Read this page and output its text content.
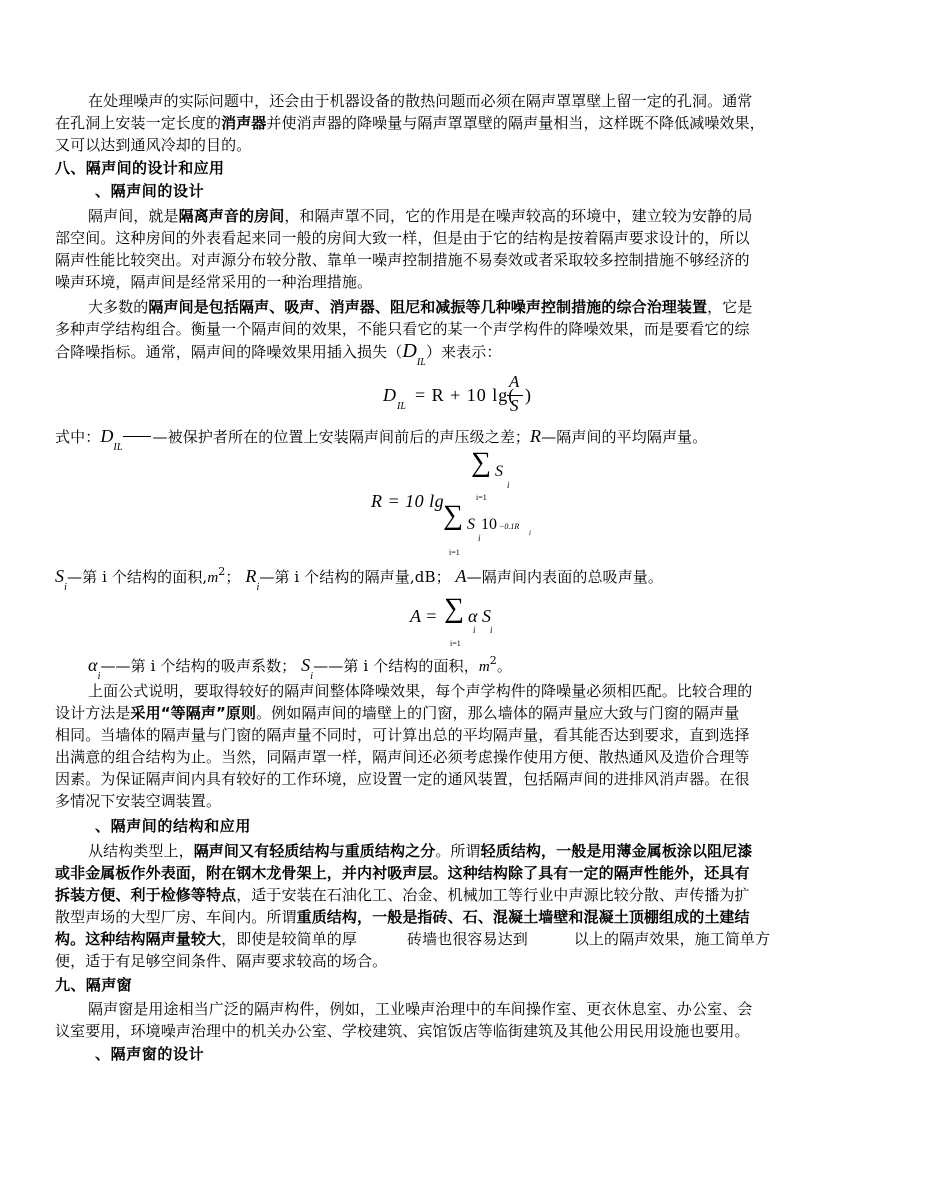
在处理噪声的实际问题中，还会由于机器设备的散热问题而必须在隔声罩罩壁上留一定的孔洞。通常
在孔洞上安装一定长度的消声器并使消声器的降噪量与隔声罩罩壁的隔声量相当，这样既不降低减噪效果，
又可以达到通风冷却的目的。
八、隔声间的设计和应用
、隔声间的设计
隔声间，就是隔离声音的房间，和隔声罩不同，它的作用是在噪声较高的环境中，建立较为安静的局
部空间。这种房间的外表看起来同一般的房间大致一样，但是由于它的结构是按着隔声要求设计的，所以
隔声性能比较突出。对声源分布较分散、靠单一噪声控制措施不易奏效或者采取较多控制措施不够经济的
噪声环境，隔声间是经常采用的一种治理措施。
大多数的隔声间是包括隔声、吸声、消声器、阻尼和减振等几种噪声控制措施的综合治理装置，它是
多种声学结构组合。衡量一个隔声间的效果，不能只看它的某一个声学构件的降噪效果，而是要看它的综
合降噪指标。通常，隔声间的降噪效果用插入损失$(D_{IL})$来表示：
D
IL
= R + 10 lg(
A
S
)
式中：$D_{IL}—$被保护者所在的位置上安装隔声间前后的声压级之差；R—隔声间的平均隔声量。
∑ S
i
i=1
R = 10 lg
∑ S
i
10 −0.1R
i
i=1
$S_i—$第 i 个结构的面积$,m^2$； $R_i—$第 i 个结构的隔声量,dB； A—隔声间内表面的总吸声量。
A = ∑ α
i
S
i
i=1
$\alpha_i——$第 i 个结构的吸声系数； $S_i——$第 i 个结构的面积，$m^2$。
上面公式说明，要取得较好的隔声间整体降噪效果，每个声学构件的降噪量必须相匹配。比较合理的
设计方法是采用“等隔声”原则。例如隔声间的墙壁上的门窗，那么墙体的隔声量应大致与门窗的隔声量
相同。当墙体的隔声量与门窗的隔声量不同时，可计算出总的平均隔声量，看其能否达到要求，直到选择
出满意的组合结构为止。当然，同隔声罩一样，隔声间还必须考虑操作使用方便、散热通风及造价合理等
因素。为保证隔声间内具有较好的工作环境，应设置一定的通风装置，包括隔声间的进排风消声器。在很
多情况下安装空调装置。
、隔声间的结构和应用
从结构类型上，隔声间又有轻质结构与重质结构之分。所谓轻质结构，一般是用薄金属板涂以阻尼漆
或非金属板作外表面，附在钢木龙骨架上，并内衬吸声层。这种结构除了具有一定的隔声性能外，还具有
拆装方便、利于检修等特点，适于安装在石油化工、冶金、机械加工等行业中声源比较分散、声传播为扩
散型声场的大型厂房、车间内。所谓重质结构，一般是指砖、石、混凝土墙壁和混凝土顶棚组成的土建结
构。这种结构隔声量较大，即使是较简单的厚	砖墙也很容易达到	以上的隔声效果，施工简单方
便，适于有足够空间条件、隔声要求较高的场合。
九、隔声窗
隔声窗是用途相当广泛的隔声构件，例如，工业噪声治理中的车间操作室、更衣休息室、办公室、会
议室要用，环境噪声治理中的机关办公室、学校建筑、宾馆饭店等临街建筑及其他公用民用设施也要用。
、隔声窗的设计
